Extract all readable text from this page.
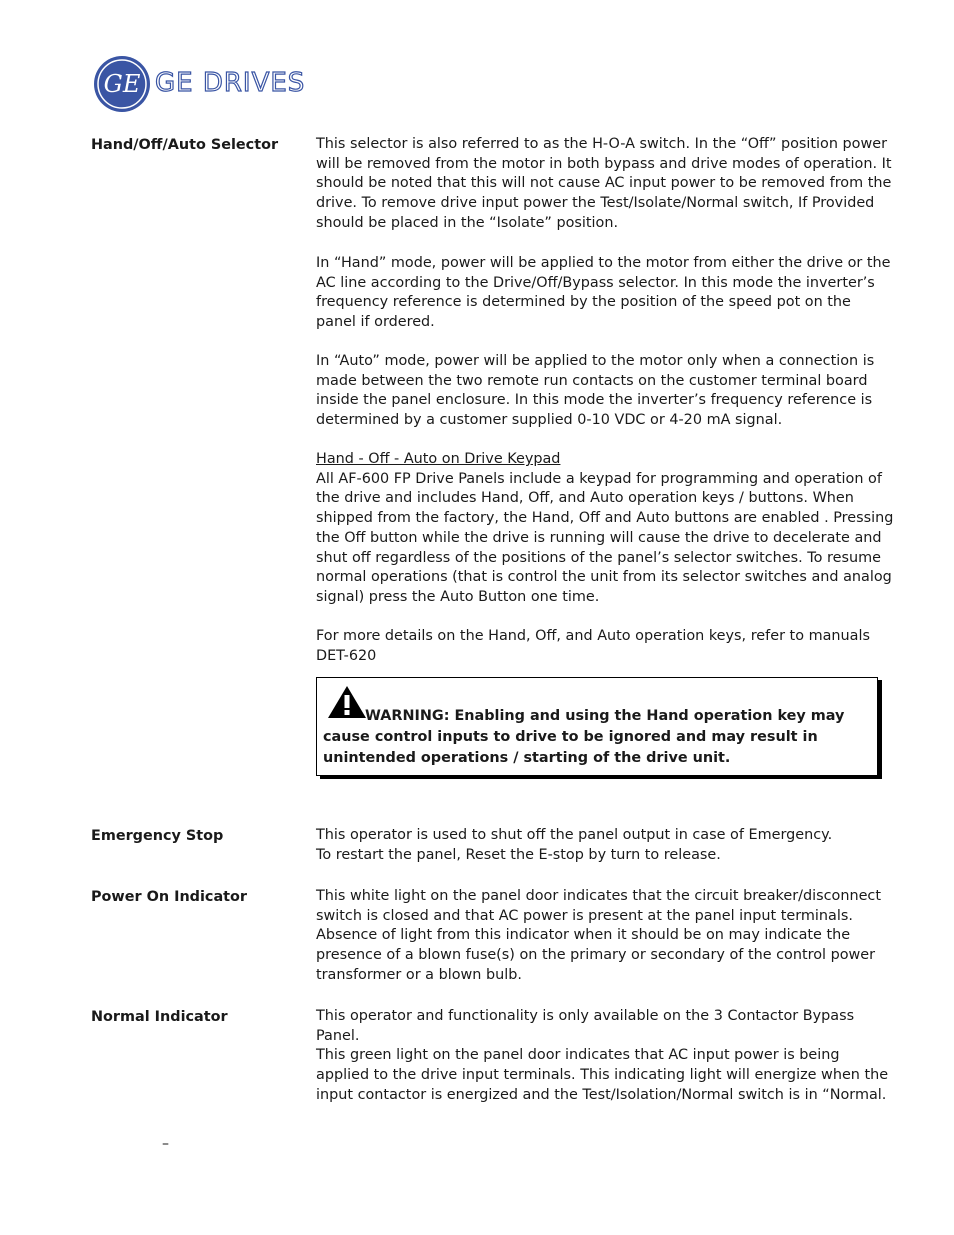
GE GE DRIVES
Hand/Off/Auto Selector	This selector is also referred to as the H-O-A switch. In the “Off” position power will be removed from the motor in both bypass and drive modes of operation. It should be noted that this will not cause AC input power to be removed from the drive. To remove drive input power the Test/Isolate/Normal switch, If Provided should be placed in the “Isolate” position.

In “Hand” mode, power will be applied to the motor from either the drive or the AC line according to the Drive/Off/Bypass selector. In this mode the inverter’s frequency reference is determined by the position of the speed pot on the panel if ordered.

In “Auto” mode, power will be applied to the motor only when a connection is made between the two remote run contacts on the customer terminal board inside the panel enclosure. In this mode the inverter’s frequency reference is determined by a customer supplied 0-10 VDC or 4-20 mA signal.

Hand - Off - Auto on Drive Keypad

All AF-600 FP Drive Panels include a keypad for programming and operation of the drive and includes Hand, Off, and Auto operation keys / buttons. When shipped from the factory, the Hand, Off and Auto buttons are enabled . Pressing the Off button while the drive is running will cause the drive to decelerate and shut off regardless of the positions of the panel’s selector switches. To resume normal operations (that is control the unit from its selector switches and analog signal) press the Auto Button one time.

For more details on the Hand, Off, and Auto operation keys, refer to manuals DET-620

WARNING: Enabling and using the Hand operation key may cause control inputs to drive to be ignored and may result in unintended operations / starting of the drive unit.
Emergency Stop	This operator is used to shut off the panel output in case of Emergency.

To restart the panel, Reset the E-stop by turn to release.

Power On Indicator	This white light on the panel door indicates that the circuit breaker/disconnect switch is closed and that AC power is present at the panel input terminals. Absence of light from this indicator when it should be on may indicate the presence of a blown fuse(s) on the primary or secondary of the control power transformer or a blown bulb.

Normal Indicator	This operator and functionality is only available on the 3 Contactor Bypass Panel.

This green light on the panel door indicates that AC input power is being applied to the drive input terminals. This indicating light will energize when the input contactor is energized and the Test/Isolation/Normal switch is in “Normal.

–
